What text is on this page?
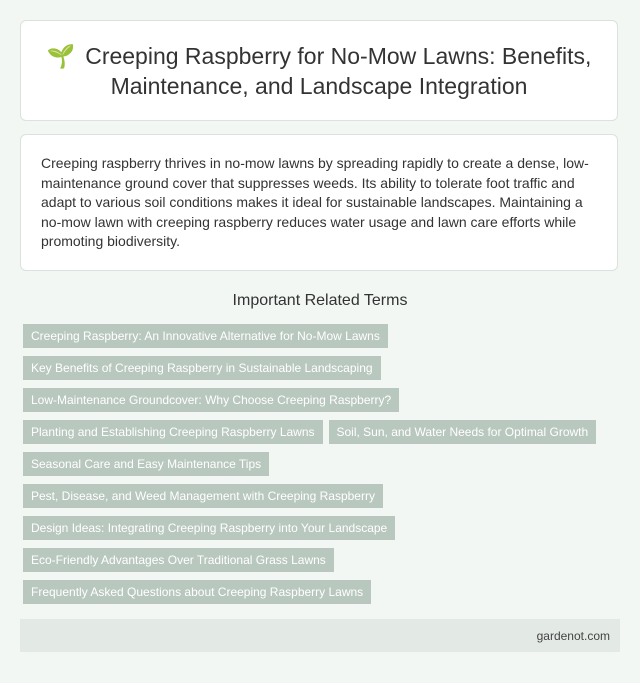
🌱 Creeping Raspberry for No-Mow Lawns: Benefits, Maintenance, and Landscape Integration

Creeping raspberry thrives in no-mow lawns by spreading rapidly to create a dense, low-maintenance ground cover that suppresses weeds. Its ability to tolerate foot traffic and adapt to various soil conditions makes it ideal for sustainable landscapes. Maintaining a no-mow lawn with creeping raspberry reduces water usage and lawn care efforts while promoting biodiversity.

Important Related Terms
Creeping Raspberry: An Innovative Alternative for No-Mow Lawns
Key Benefits of Creeping Raspberry in Sustainable Landscaping
Low-Maintenance Groundcover: Why Choose Creeping Raspberry?
Planting and Establishing Creeping Raspberry Lawns	Soil, Sun, and Water Needs for Optimal Growth
Seasonal Care and Easy Maintenance Tips
Pest, Disease, and Weed Management with Creeping Raspberry
Design Ideas: Integrating Creeping Raspberry into Your Landscape
Eco-Friendly Advantages Over Traditional Grass Lawns
Frequently Asked Questions about Creeping Raspberry Lawns
gardenot.com
